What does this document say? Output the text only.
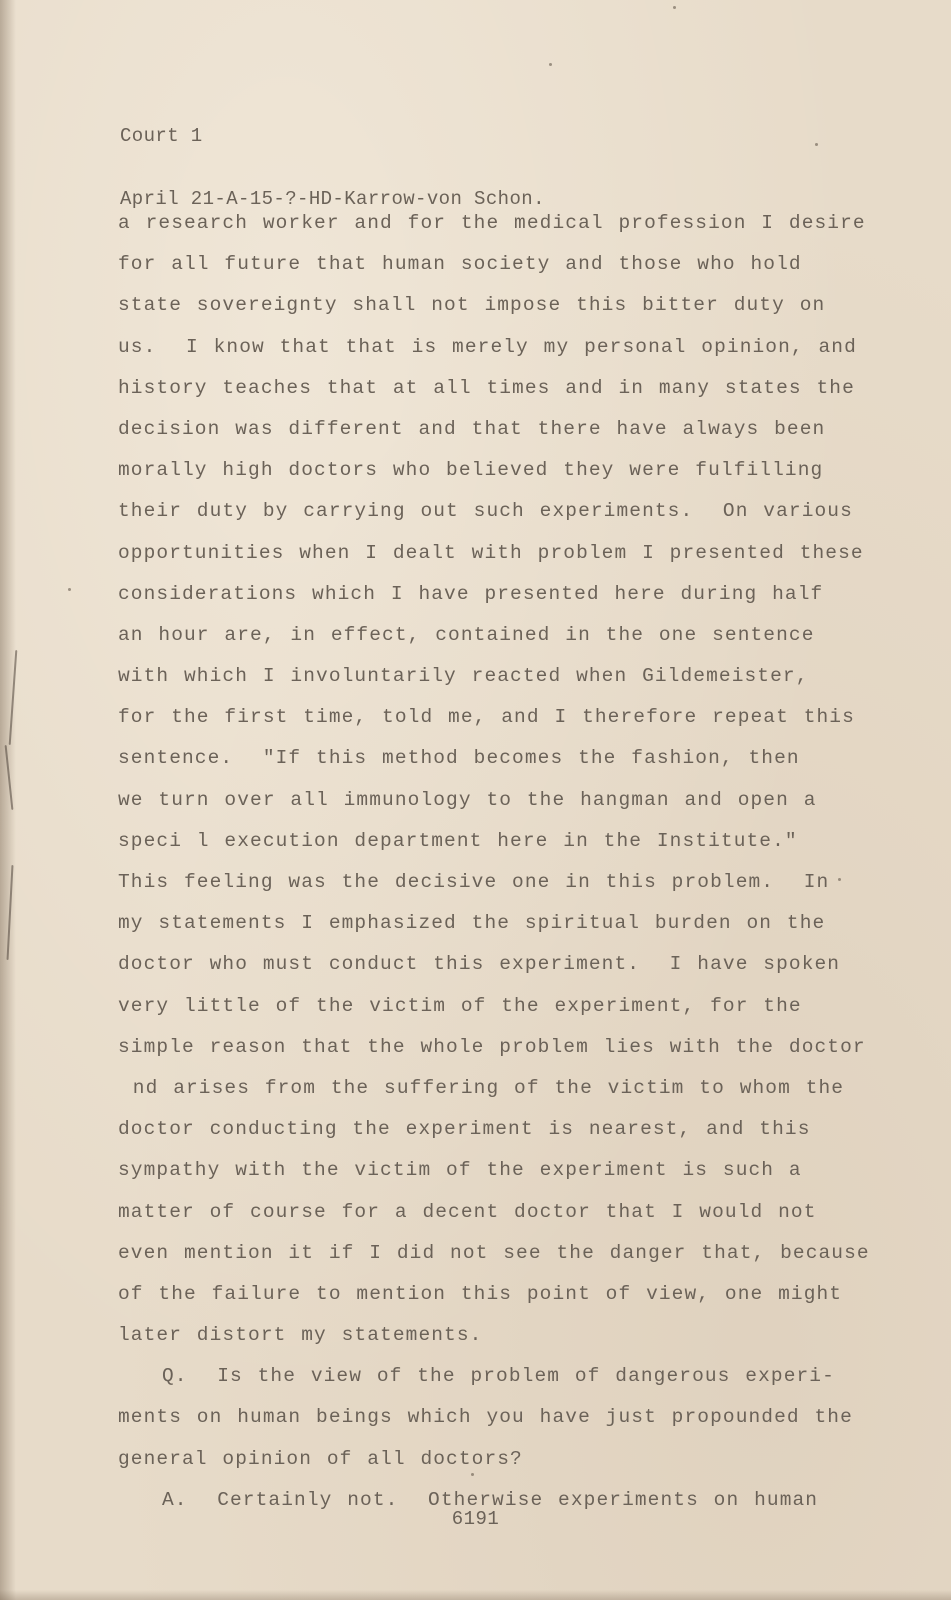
Court 1

April 21-A-15-?-HD-Karrow-von Schon.

a research worker and for the medical profession I desire
for all future that human society and those who hold
state sovereignty shall not impose this bitter duty on
us.  I know that that is merely my personal opinion, and
history teaches that at all times and in many states the
decision was different and that there have always been
morally high doctors who believed they were fulfilling
their duty by carrying out such experiments.  On various
opportunities when I dealt with problem I presented these
considerations which I have presented here during half
an hour are, in effect, contained in the one sentence
with which I involuntarily reacted when Gildemeister,
for the first time, told me, and I therefore repeat this
sentence.  "If this method becomes the fashion, then
we turn over all immunology to the hangman and open a
speci l execution department here in the Institute."
This feeling was the decisive one in this problem.  In
my statements I emphasized the spiritual burden on the
doctor who must conduct this experiment.  I have spoken
very little of the victim of the experiment, for the
simple reason that the whole problem lies with the doctor
nd arises from the suffering of the victim to whom the
doctor conducting the experiment is nearest, and this
sympathy with the victim of the experiment is such a
matter of course for a decent doctor that I would not
even mention it if I did not see the danger that, because
of the failure to mention this point of view, one might
later distort my statements.
Q.  Is the view of the problem of dangerous experi-
ments on human beings which you have just propounded the
general opinion of all doctors?
A.  Certainly not.  Otherwise experiments on human
6191
